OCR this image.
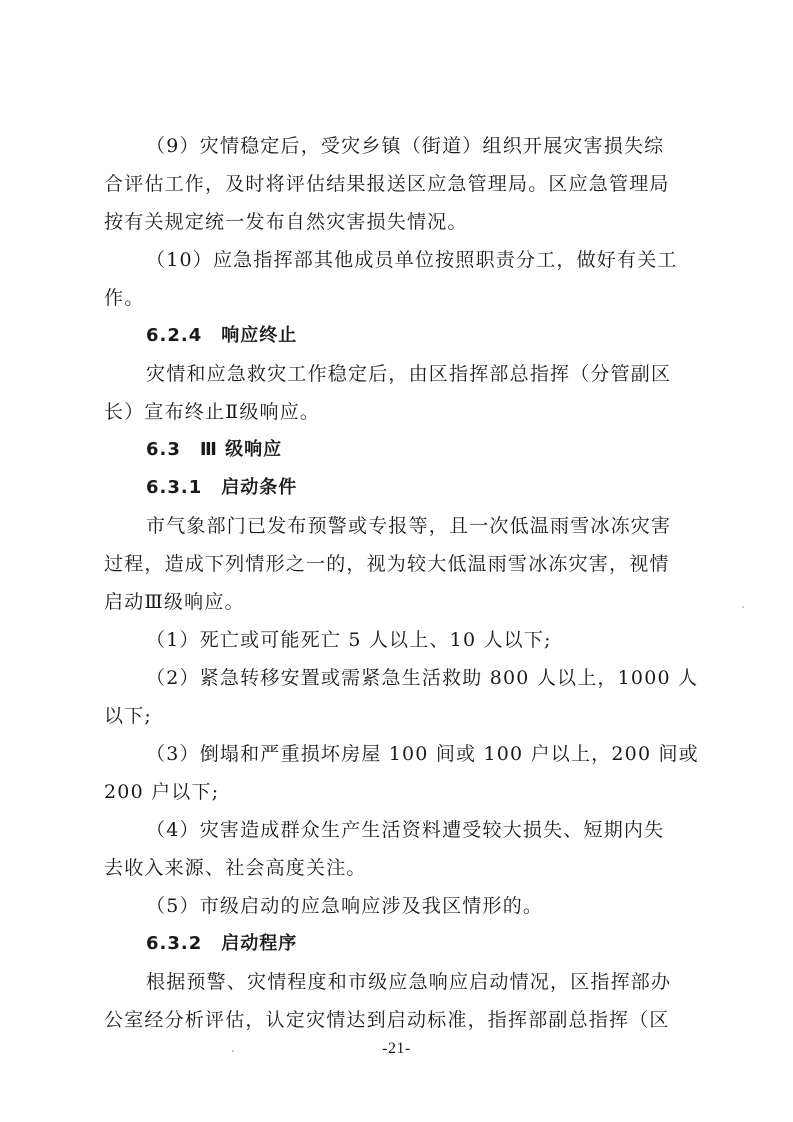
（9）灾情稳定后，受灾乡镇（街道）组织开展灾害损失综
合评估工作，及时将评估结果报送区应急管理局。区应急管理局
按有关规定统一发布自然灾害损失情况。
（10）应急指挥部其他成员单位按照职责分工，做好有关工
作。
6.2.4　响应终止
灾情和应急救灾工作稳定后，由区指挥部总指挥（分管副区
长）宣布终止Ⅱ级响应。
6.3　Ⅲ 级响应
6.3.1　启动条件
市气象部门已发布预警或专报等，且一次低温雨雪冰冻灾害
过程，造成下列情形之一的，视为较大低温雨雪冰冻灾害，视情
启动Ⅲ级响应。
（1）死亡或可能死亡 5 人以上、10 人以下;
（2）紧急转移安置或需紧急生活救助 800 人以上，1000 人
以下;
（3）倒塌和严重损坏房屋 100 间或 100 户以上，200 间或
200 户以下;
（4）灾害造成群众生产生活资料遭受较大损失、短期内失
去收入来源、社会高度关注。
（5）市级启动的应急响应涉及我区情形的。
6.3.2　启动程序
根据预警、灾情程度和市级应急响应启动情况，区指挥部办
公室经分析评估，认定灾情达到启动标准，指挥部副总指挥（区
-21-
